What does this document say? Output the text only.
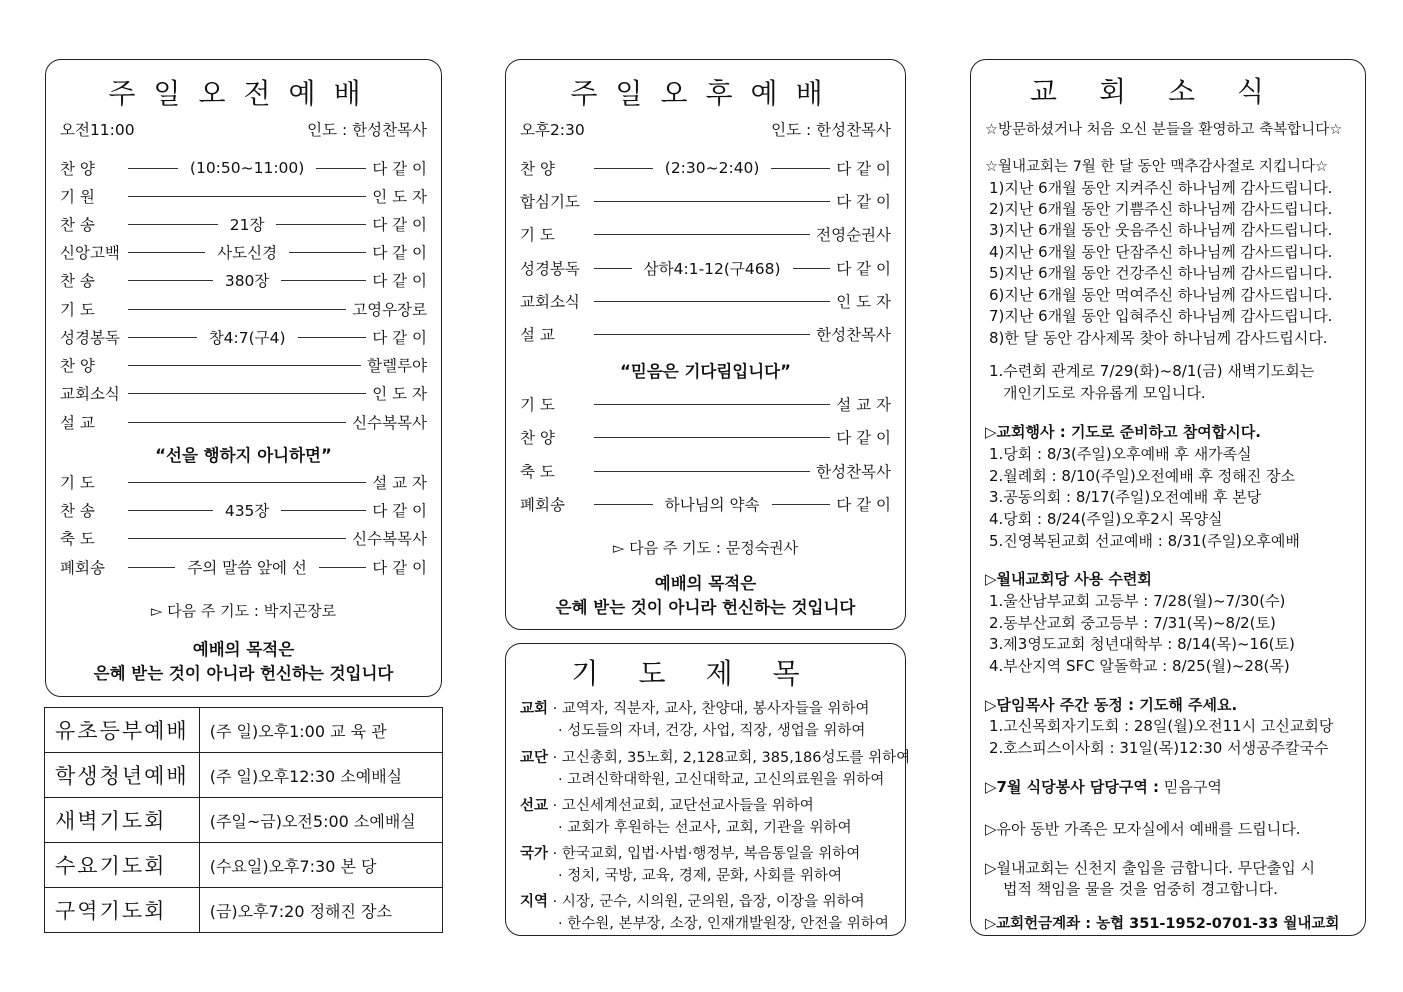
주일오전예배
오전11:00	인도 : 한성찬목사
찬 양	(10:50~11:00)	다 같 이
기 원	인 도 자
찬 송	21장	다 같 이
신앙고백	사도신경	다 같 이
찬 송	380장	다 같 이
기 도	고영우장로
성경봉독	창4:7(구4)	다 같 이
찬 양	할렐루야
교회소식	인 도 자
설 교	신수복목사
“선을 행하지 아니하면”
기 도	설 교 자
찬 송	435장	다 같 이
축 도	신수복목사
폐회송	주의 말씀 앞에 선	다 같 이
▻ 다음 주 기도 : 박지곤장로
예배의 목적은
은혜 받는 것이 아니라 헌신하는 것입니다
유초등부예배	(주 일)오후1:00 교 육 관
학생청년예배	(주 일)오후12:30 소예배실
새벽기도회	(주일~금)오전5:00 소예배실
수요기도회	(수요일)오후7:30 본 당
구역기도회	(금)오후7:20 정해진 장소
주일오후예배
오후2:30	인도 : 한성찬목사
찬 양	(2:30~2:40)	다 같 이
합심기도	다 같 이
기 도	전영순권사
성경봉독	삼하4:1-12(구468)	다 같 이
교회소식	인 도 자
설 교	한성찬목사
“믿음은 기다림입니다”
기 도	설 교 자
찬 양	다 같 이
축 도	한성찬목사
폐회송	하나님의 약속	다 같 이
▻ 다음 주 기도 : 문정숙권사
예배의 목적은
은혜 받는 것이 아니라 헌신하는 것입니다
기도제목
교회 · 교역자, 직분자, 교사, 찬양대, 봉사자들을 위하여
· 성도들의 자녀, 건강, 사업, 직장, 생업을 위하여
교단 · 고신총회, 35노회, 2,128교회, 385,186성도를 위하여
· 고려신학대학원, 고신대학교, 고신의료원을 위하여
선교 · 고신세계선교회, 교단선교사들을 위하여
· 교회가 후원하는 선교사, 교회, 기관을 위하여
국가 · 한국교회, 입법·사법·행정부, 복음통일을 위하여
· 정치, 국방, 교육, 경제, 문화, 사회를 위하여
지역 · 시장, 군수, 시의원, 군의원, 읍장, 이장을 위하여
· 한수원, 본부장, 소장, 인재개발원장, 안전을 위하여
교회소식
☆방문하셨거나 처음 오신 분들을 환영하고 축복합니다☆
☆월내교회는 7월 한 달 동안 맥추감사절로 지킵니다☆
1)지난 6개월 동안 지켜주신 하나님께 감사드립니다.
2)지난 6개월 동안 기쁨주신 하나님께 감사드립니다.
3)지난 6개월 동안 웃음주신 하나님께 감사드립니다.
4)지난 6개월 동안 단잠주신 하나님께 감사드립니다.
5)지난 6개월 동안 건강주신 하나님께 감사드립니다.
6)지난 6개월 동안 먹여주신 하나님께 감사드립니다.
7)지난 6개월 동안 입혀주신 하나님께 감사드립니다.
8)한 달 동안 감사제목 찾아 하나님께 감사드립시다.
1.수련회 관계로 7/29(화)~8/1(금) 새벽기도회는
개인기도로 자유롭게 모입니다.
▷교회행사 : 기도로 준비하고 참여합시다.
1.당회 : 8/3(주일)오후예배 후 새가족실
2.월례회 : 8/10(주일)오전예배 후 정해진 장소
3.공동의회 : 8/17(주일)오전예배 후 본당
4.당회 : 8/24(주일)오후2시 목양실
5.진영복된교회 선교예배 : 8/31(주일)오후예배
▷월내교회당 사용 수련회
1.울산남부교회 고등부 : 7/28(월)~7/30(수)
2.동부산교회 중고등부 : 7/31(목)~8/2(토)
3.제3영도교회 청년대학부 : 8/14(목)~16(토)
4.부산지역 SFC 알돌학교 : 8/25(월)~28(목)
▷담임목사 주간 동정 : 기도해 주세요.
1.고신목회자기도회 : 28일(월)오전11시 고신교회당
2.호스피스이사회 : 31일(목)12:30 서생공주칼국수
▷7월 식당봉사 담당구역 : 믿음구역
▷유아 동반 가족은 모자실에서 예배를 드립니다.
▷월내교회는 신천지 출입을 금합니다. 무단출입 시
법적 책임을 물을 것을 엄중히 경고합니다.
▷교회헌금계좌 : 농협 351-1952-0701-33 월내교회
